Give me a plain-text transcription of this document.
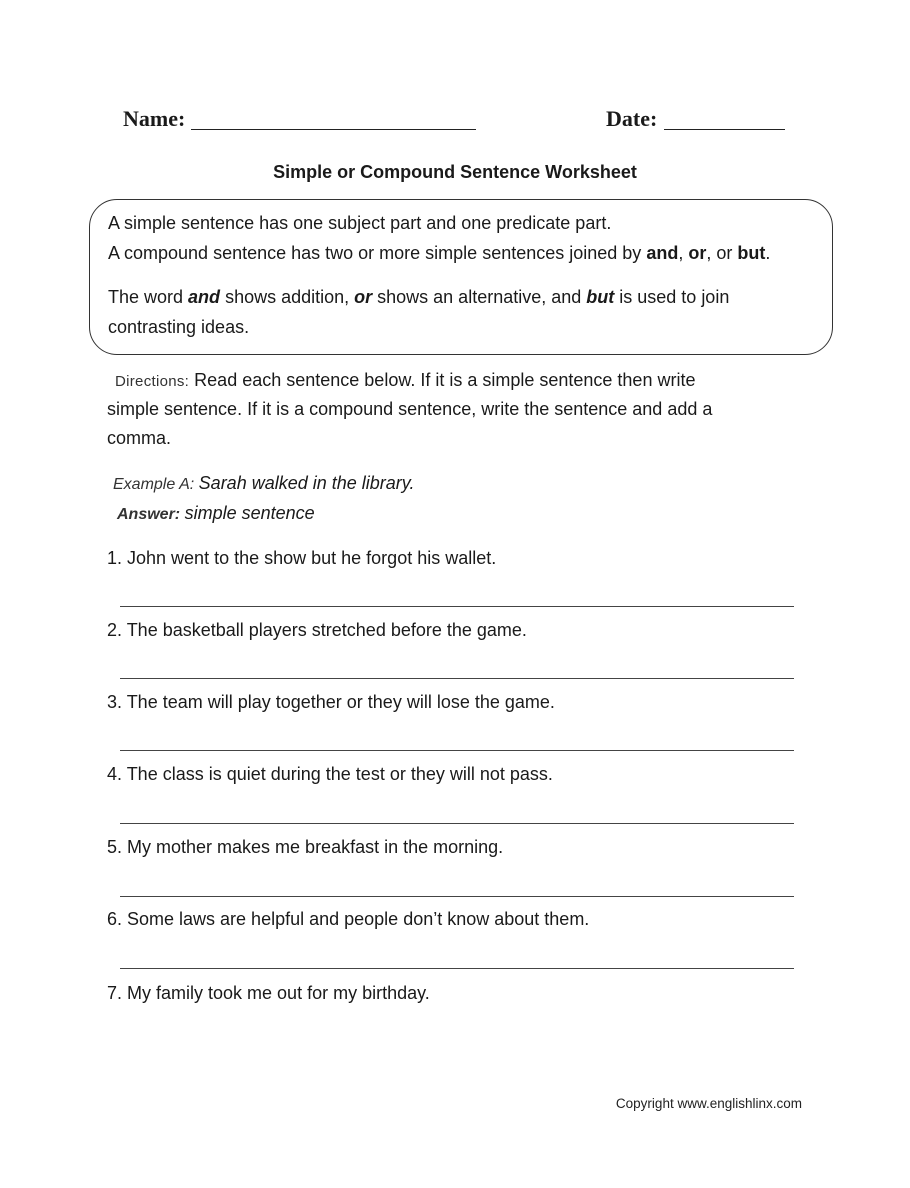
Name:	Date:
Simple or Compound Sentence Worksheet
A simple sentence has one subject part and one predicate part.
A compound sentence has two or more simple sentences joined by and, or, or but.
The word and shows addition, or shows an alternative, and but is used to join
contrasting ideas.
Directions: Read each sentence below. If it is a simple sentence then write
simple sentence. If it is a compound sentence, write the sentence and add a
comma.
Example A: Sarah walked in the library.
Answer: simple sentence
1. John went to the show but he forgot his wallet.
2. The basketball players stretched before the game.
3. The team will play together or they will lose the game.
4. The class is quiet during the test or they will not pass.
5. My mother makes me breakfast in the morning.
6. Some laws are helpful and people don’t know about them.
7. My family took me out for my birthday.
Copyright www.englishlinx.com
